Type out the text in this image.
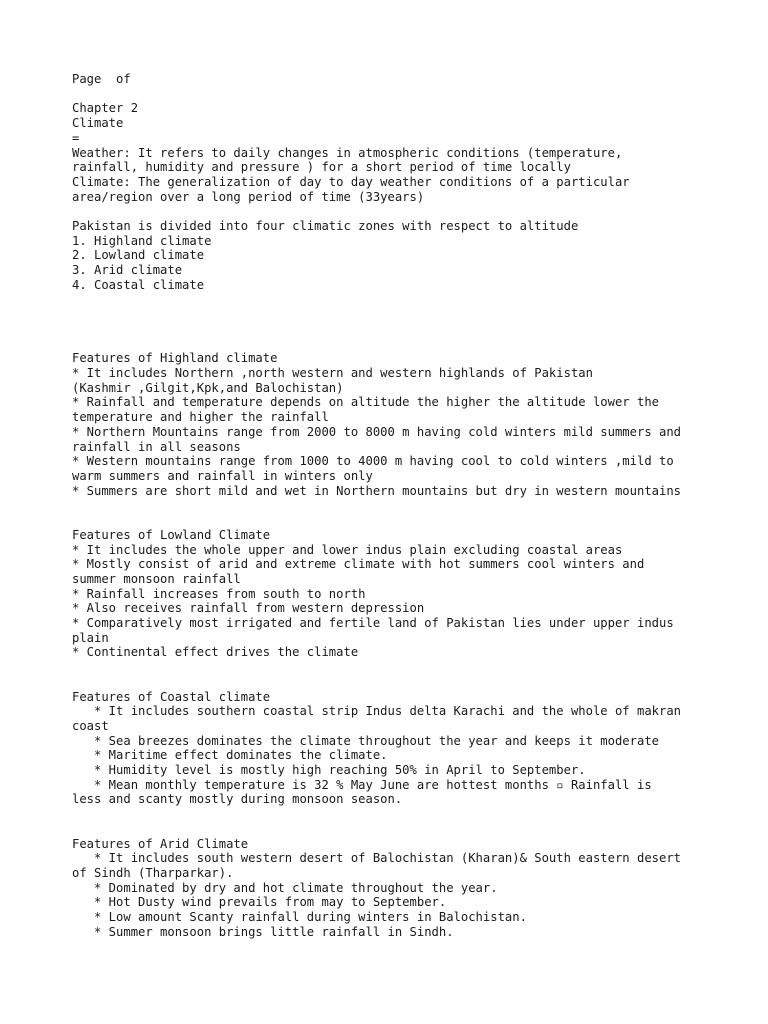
Page  of

Chapter 2
Climate
=
Weather: It refers to daily changes in atmospheric conditions (temperature,
rainfall, humidity and pressure ) for a short period of time locally
Climate: The generalization of day to day weather conditions of a particular
area/region over a long period of time (33years)

Pakistan is divided into four climatic zones with respect to altitude
1. Highland climate
2. Lowland climate
3. Arid climate
4. Coastal climate

Features of Highland climate
* It includes Northern ,north western and western highlands of Pakistan
(Kashmir ,Gilgit,Kpk,and Balochistan)
* Rainfall and temperature depends on altitude the higher the altitude lower the
temperature and higher the rainfall
* Northern Mountains range from 2000 to 8000 m having cold winters mild summers and
rainfall in all seasons
* Western mountains range from 1000 to 4000 m having cool to cold winters ,mild to
warm summers and rainfall in winters only
* Summers are short mild and wet in Northern mountains but dry in western mountains

Features of Lowland Climate
* It includes the whole upper and lower indus plain excluding coastal areas
* Mostly consist of arid and extreme climate with hot summers cool winters and
summer monsoon rainfall
* Rainfall increases from south to north
* Also receives rainfall from western depression
* Comparatively most irrigated and fertile land of Pakistan lies under upper indus
plain
* Continental effect drives the climate

Features of Coastal climate
* It includes southern coastal strip Indus delta Karachi and the whole of makran
coast
* Sea breezes dominates the climate throughout the year and keeps it moderate
* Maritime effect dominates the climate.
* Humidity level is mostly high reaching 50% in April to September.
* Mean monthly temperature is 32 % May June are hottest months ▫ Rainfall is
less and scanty mostly during monsoon season.

Features of Arid Climate
* It includes south western desert of Balochistan (Kharan)& South eastern desert
of Sindh (Tharparkar).
* Dominated by dry and hot climate throughout the year.
* Hot Dusty wind prevails from may to September.
* Low amount Scanty rainfall during winters in Balochistan.
* Summer monsoon brings little rainfall in Sindh.
